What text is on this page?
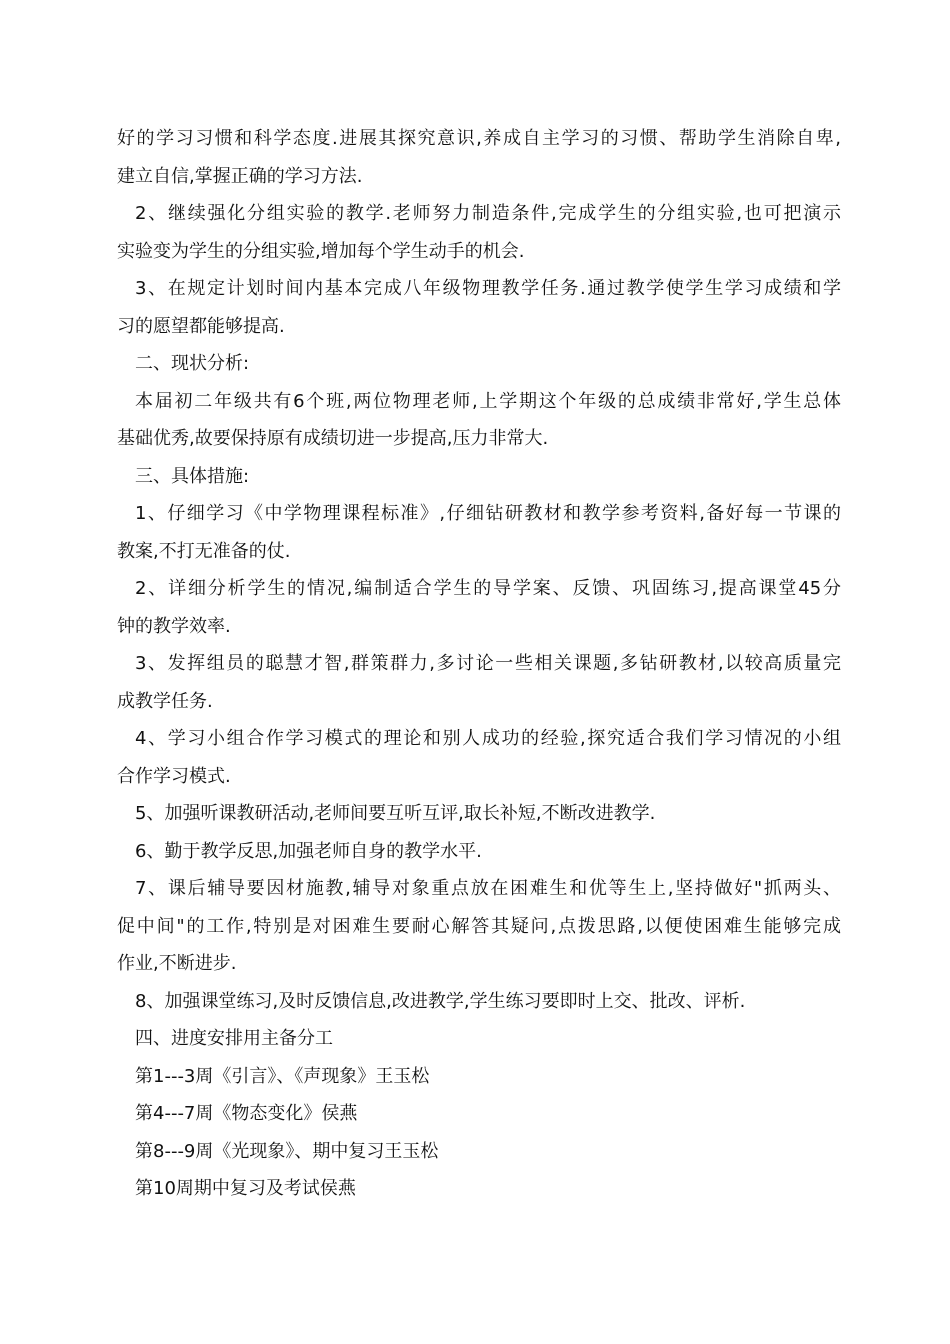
好的学习习惯和科学态度.进展其探究意识,养成自主学习的习惯、帮助学生消除自卑,
建立自信,掌握正确的学习方法.
2、继续强化分组实验的教学.老师努力制造条件,完成学生的分组实验,也可把演示
实验变为学生的分组实验,增加每个学生动手的机会.
3、在规定计划时间内基本完成八年级物理教学任务.通过教学使学生学习成绩和学
习的愿望都能够提高.
二、现状分析:
本届初二年级共有6个班,两位物理老师,上学期这个年级的总成绩非常好,学生总体
基础优秀,故要保持原有成绩切进一步提高,压力非常大.
三、具体措施:
1、仔细学习《中学物理课程标准》,仔细钻研教材和教学参考资料,备好每一节课的
教案,不打无准备的仗.
2、详细分析学生的情况,编制适合学生的导学案、反馈、巩固练习,提高课堂45分
钟的教学效率.
3、发挥组员的聪慧才智,群策群力,多讨论一些相关课题,多钻研教材,以较高质量完
成教学任务.
4、学习小组合作学习模式的理论和别人成功的经验,探究适合我们学习情况的小组
合作学习模式.
5、加强听课教研活动,老师间要互听互评,取长补短,不断改进教学.
6、勤于教学反思,加强老师自身的教学水平.
7、课后辅导要因材施教,辅导对象重点放在困难生和优等生上,坚持做好"抓两头、
促中间"的工作,特别是对困难生要耐心解答其疑问,点拨思路,以便使困难生能够完成
作业,不断进步.
8、加强课堂练习,及时反馈信息,改进教学,学生练习要即时上交、批改、评析.
四、进度安排用主备分工
第1---3周《引言》、《声现象》王玉松
第4---7周《物态变化》侯燕
第8---9周《光现象》、期中复习王玉松
第10周期中复习及考试侯燕
